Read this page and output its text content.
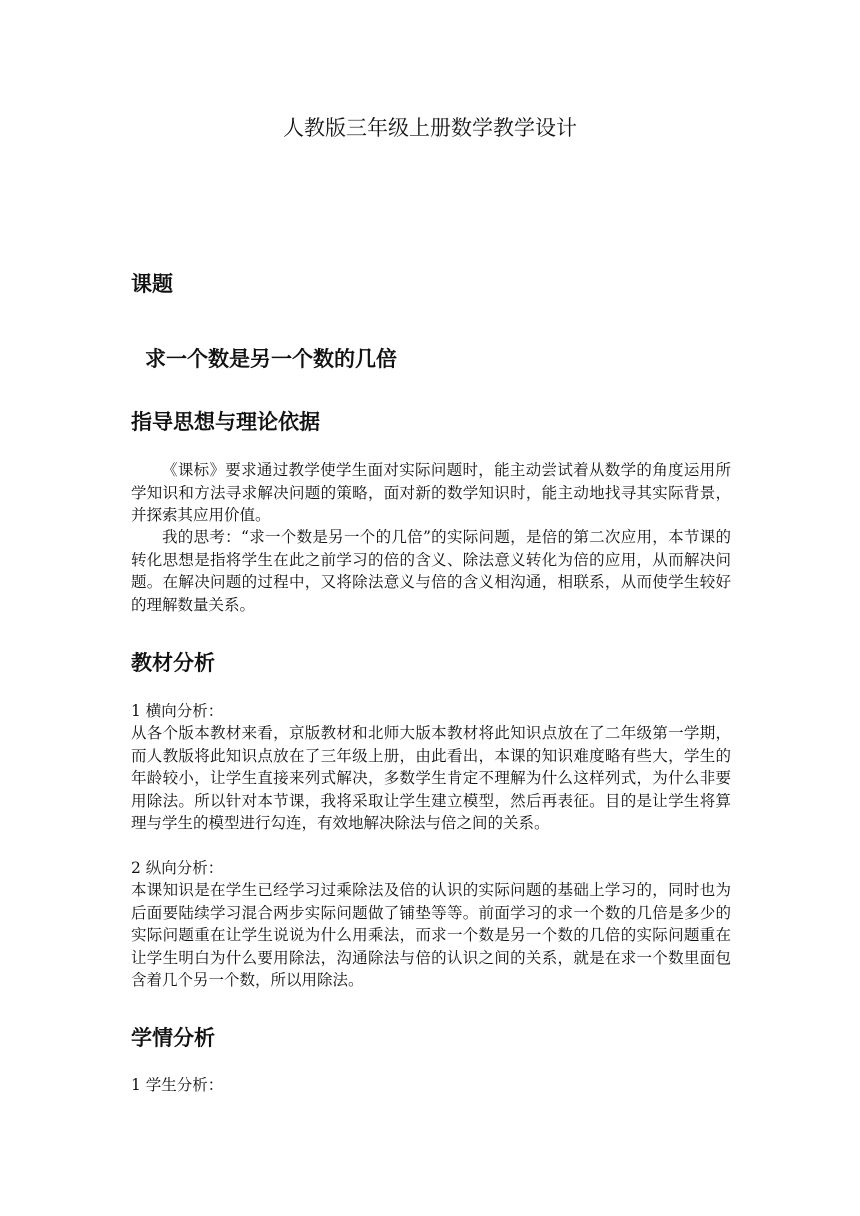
人教版三年级上册数学教学设计
课题
求一个数是另一个数的几倍
指导思想与理论依据

《课标》要求通过教学使学生面对实际问题时，能主动尝试着从数学的角度运用所学知识和方法寻求解决问题的策略，面对新的数学知识时，能主动地找寻其实际背景，并探索其应用价值。

我的思考：“求一个数是另一个的几倍”的实际问题，是倍的第二次应用，本节课的转化思想是指将学生在此之前学习的倍的含义、除法意义转化为倍的应用，从而解决问题。在解决问题的过程中，又将除法意义与倍的含义相沟通，相联系，从而使学生较好的理解数量关系。

教材分析

1 横向分析：

从各个版本教材来看，京版教材和北师大版本教材将此知识点放在了二年级第一学期，而人教版将此知识点放在了三年级上册，由此看出，本课的知识难度略有些大，学生的年龄较小，让学生直接来列式解决，多数学生肯定不理解为什么这样列式，为什么非要用除法。所以针对本节课，我将采取让学生建立模型，然后再表征。目的是让学生将算理与学生的模型进行勾连，有效地解决除法与倍之间的关系。

2 纵向分析：

本课知识是在学生已经学习过乘除法及倍的认识的实际问题的基础上学习的，同时也为后面要陆续学习混合两步实际问题做了铺垫等等。前面学习的求一个数的几倍是多少的实际问题重在让学生说说为什么用乘法，而求一个数是另一个数的几倍的实际问题重在让学生明白为什么要用除法，沟通除法与倍的认识之间的关系，就是在求一个数里面包含着几个另一个数，所以用除法。

学情分析

1 学生分析：
